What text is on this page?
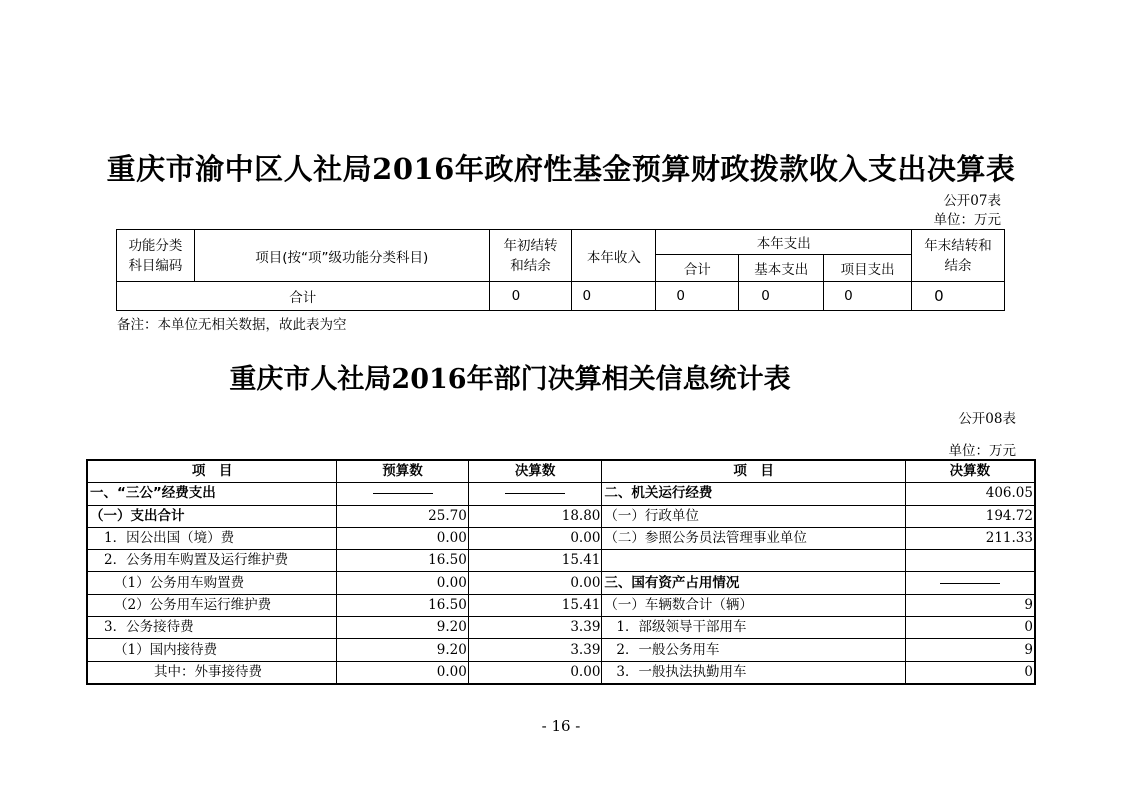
重庆市渝中区人社局2016年政府性基金预算财政拨款收入支出决算表
公开07表
单位：万元
功能分类科目编码	项目(按“项”级功能分类科目)	年初结转和结余	本年收入	本年支出			年末结转和结余
				合计	基本支出	项目支出	
合计		0	0	0	0	0	0
备注：本单位无相关数据，故此表为空
重庆市人社局2016年部门决算相关信息统计表
公开08表
单位：万元
项　目	预算数	决算数	项　目	决算数
一、“三公”经费支出			二、机关运行经费	406.05
（一）支出合计	25.70	18.80	（一）行政单位	194.72
1．因公出国（境）费	0.00	0.00	（二）参照公务员法管理事业单位	211.33
2．公务用车购置及运行维护费	16.50	15.41		
（1）公务用车购置费	0.00	0.00	三、国有资产占用情况	
（2）公务用车运行维护费	16.50	15.41	（一）车辆数合计（辆）	9
3．公务接待费	9.20	3.39	1．部级领导干部用车	0
（1）国内接待费	9.20	3.39	2．一般公务用车	9
其中：外事接待费	0.00	0.00	3．一般执法执勤用车	0
- 16 -
